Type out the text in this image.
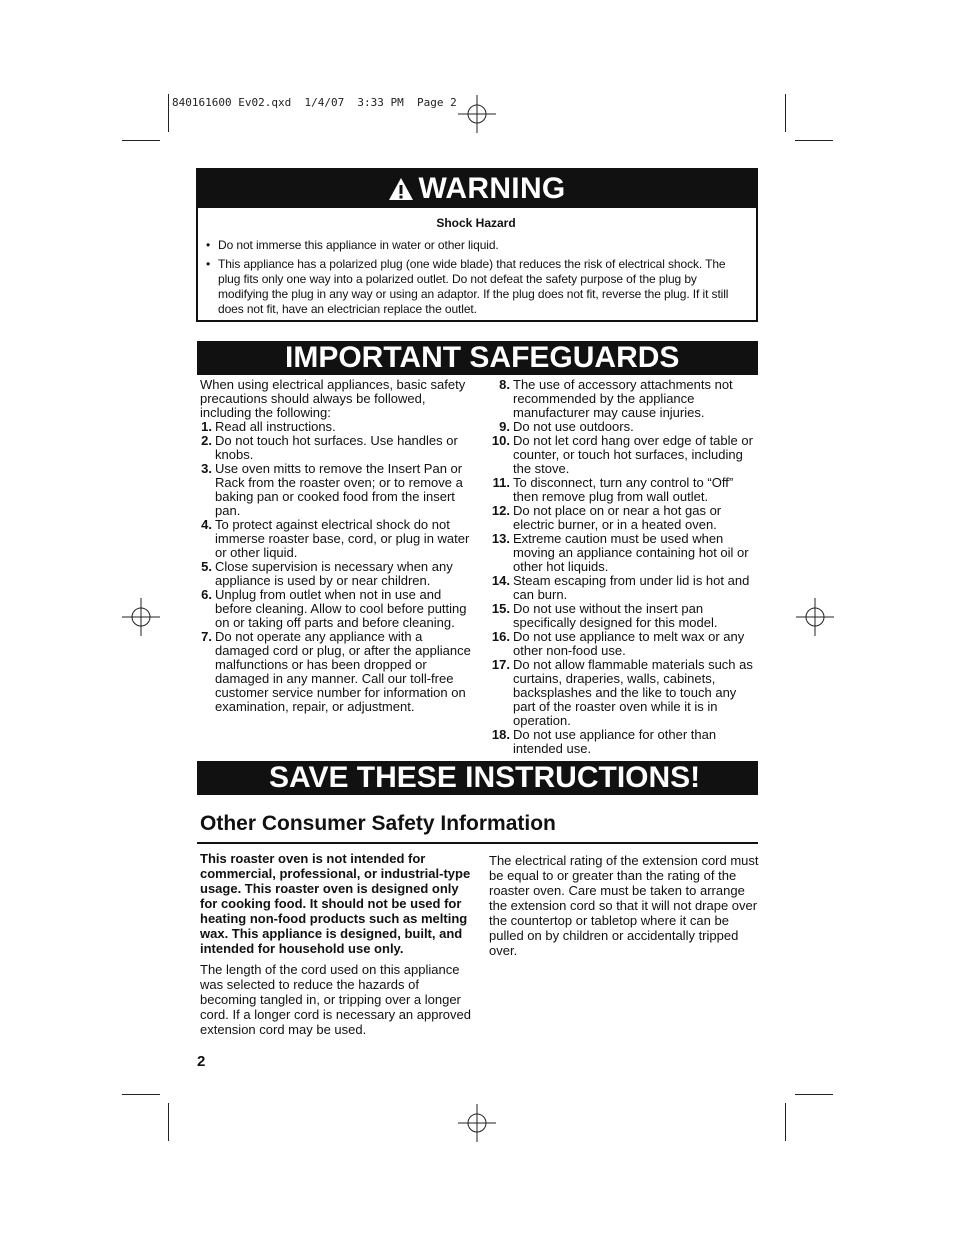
840161600 Ev02.qxd  1/4/07  3:33 PM  Page 2
WARNING
Shock Hazard
• Do not immerse this appliance in water or other liquid.
• This appliance has a polarized plug (one wide blade) that reduces the risk of electrical shock. The plug fits only one way into a polarized outlet. Do not defeat the safety purpose of the plug by modifying the plug in any way or using an adaptor. If the plug does not fit, reverse the plug. If it still does not fit, have an electrician replace the outlet.
IMPORTANT SAFEGUARDS
When using electrical appliances, basic safety precautions should always be followed, including the following:
1. Read all instructions.
2. Do not touch hot surfaces. Use handles or knobs.
3. Use oven mitts to remove the Insert Pan or Rack from the roaster oven; or to remove a baking pan or cooked food from the insert pan.
4. To protect against electrical shock do not immerse roaster base, cord, or plug in water or other liquid.
5. Close supervision is necessary when any appliance is used by or near children.
6. Unplug from outlet when not in use and before cleaning. Allow to cool before putting on or taking off parts and before cleaning.
7. Do not operate any appliance with a damaged cord or plug, or after the appliance malfunctions or has been dropped or damaged in any manner. Call our toll-free customer service number for information on examination, repair, or adjustment.
8. The use of accessory attachments not recommended by the appliance manufacturer may cause injuries.
9. Do not use outdoors.
10. Do not let cord hang over edge of table or counter, or touch hot surfaces, including the stove.
11. To disconnect, turn any control to “Off” then remove plug from wall outlet.
12. Do not place on or near a hot gas or electric burner, or in a heated oven.
13. Extreme caution must be used when moving an appliance containing hot oil or other hot liquids.
14. Steam escaping from under lid is hot and can burn.
15. Do not use without the insert pan specifically designed for this model.
16. Do not use appliance to melt wax or any other non-food use.
17. Do not allow flammable materials such as curtains, draperies, walls, cabinets, backsplashes and the like to touch any part of the roaster oven while it is in operation.
18. Do not use appliance for other than intended use.
SAVE THESE INSTRUCTIONS!
Other Consumer Safety Information
This roaster oven is not intended for commercial, professional, or industrial-type usage. This roaster oven is designed only for cooking food. It should not be used for heating non-food products such as melting wax. This appliance is designed, built, and intended for household use only.
The length of the cord used on this appliance was selected to reduce the hazards of becoming tangled in, or tripping over a longer cord. If a longer cord is necessary an approved extension cord may be used.
The electrical rating of the extension cord must be equal to or greater than the rating of the roaster oven. Care must be taken to arrange the extension cord so that it will not drape over the countertop or tabletop where it can be pulled on by children or accidentally tripped over.
2
